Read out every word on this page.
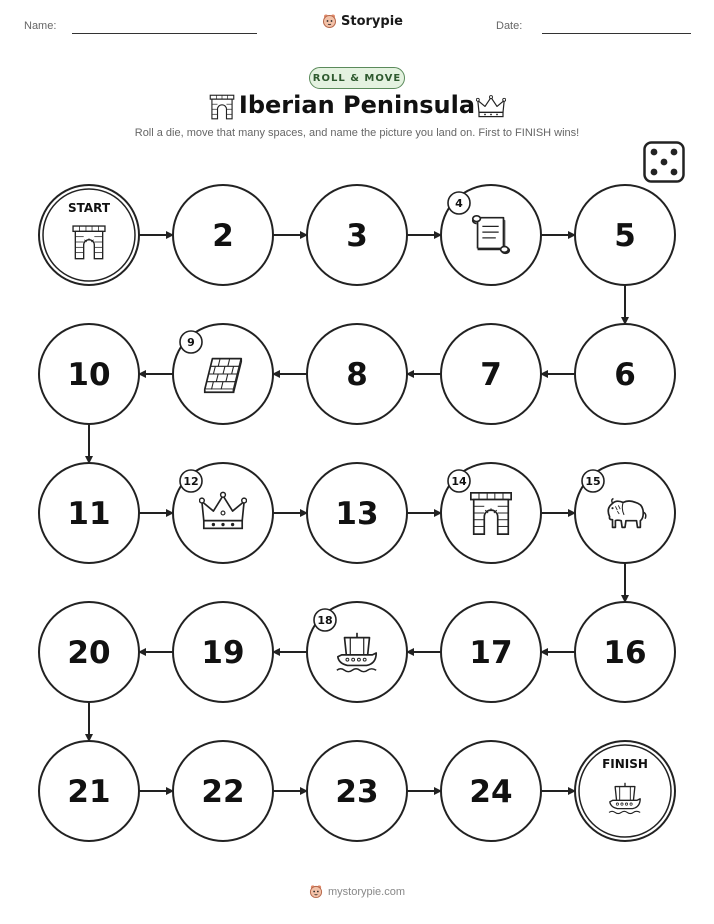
Name:	Storypie	Date:
ROLL & MOVE
Iberian Peninsula
Roll a die, move that many spaces, and name the picture you land on. First to FINISH wins!
START
2	3
4
5
6
7
8
9
10
11
12
13
14	15
16
17
18
19
20
21	22	23	24
FINISH
mystorypie.com
